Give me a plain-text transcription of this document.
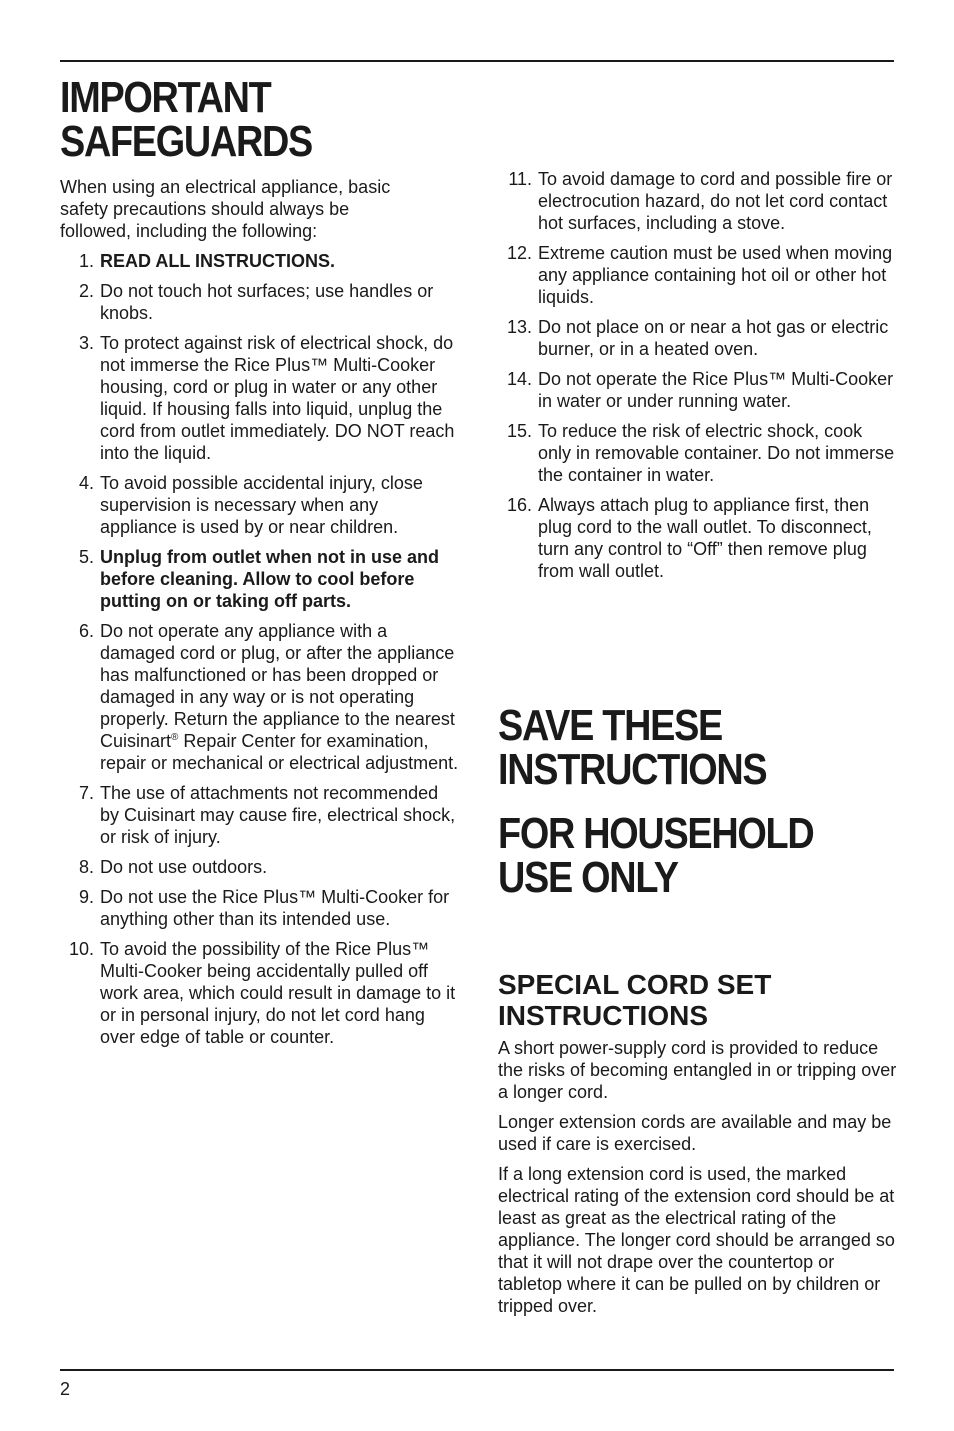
IMPORTANT
SAFEGUARDS

When using an electrical appliance, basic safety precautions should always be followed, including the following:

1. READ ALL INSTRUCTIONS.
2. Do not touch hot surfaces; use handles or knobs.
3. To protect against risk of electrical shock, do not immerse the Rice Plus™ Multi-Cooker housing, cord or plug in water or any other liquid. If housing falls into liquid, unplug the cord from outlet immediately. DO NOT reach into the liquid.
4. To avoid possible accidental injury, close supervision is necessary when any appliance is used by or near children.
5. Unplug from outlet when not in use and before cleaning. Allow to cool before putting on or taking off parts.
6. Do not operate any appliance with a damaged cord or plug, or after the appliance has malfunctioned or has been dropped or damaged in any way or is not operating properly. Return the appliance to the nearest Cuisinart® Repair Center for examination, repair or mechanical or electrical adjustment.
7. The use of attachments not recommended by Cuisinart may cause fire, electrical shock, or risk of injury.
8. Do not use outdoors.
9. Do not use the Rice Plus™ Multi-Cooker for anything other than its intended use.
10. To avoid the possibility of the Rice Plus™ Multi-Cooker being accidentally pulled off work area, which could result in damage to it or in personal injury, do not let cord hang over edge of table or counter.
11. To avoid damage to cord and possible fire or electrocution hazard, do not let cord contact hot surfaces, including a stove.
12. Extreme caution must be used when moving any appliance containing hot oil or other hot liquids.
13. Do not place on or near a hot gas or electric burner, or in a heated oven.
14. Do not operate the Rice Plus™ Multi-Cooker in water or under running water.
15. To reduce the risk of electric shock, cook only in removable container. Do not immerse the container in water.
16. Always attach plug to appliance first, then plug cord to the wall outlet. To disconnect, turn any control to “Off” then remove plug from wall outlet.
SAVE THESE
INSTRUCTIONS
FOR HOUSEHOLD
USE ONLY

SPECIAL CORD SET
INSTRUCTIONS

A short power-supply cord is provided to reduce the risks of becoming entangled in or tripping over a longer cord.

Longer extension cords are available and may be used if care is exercised.

If a long extension cord is used, the marked electrical rating of the extension cord should be at least as great as the electrical rating of the appliance. The longer cord should be arranged so that it will not drape over the countertop or tabletop where it can be pulled on by children or tripped over.

2
